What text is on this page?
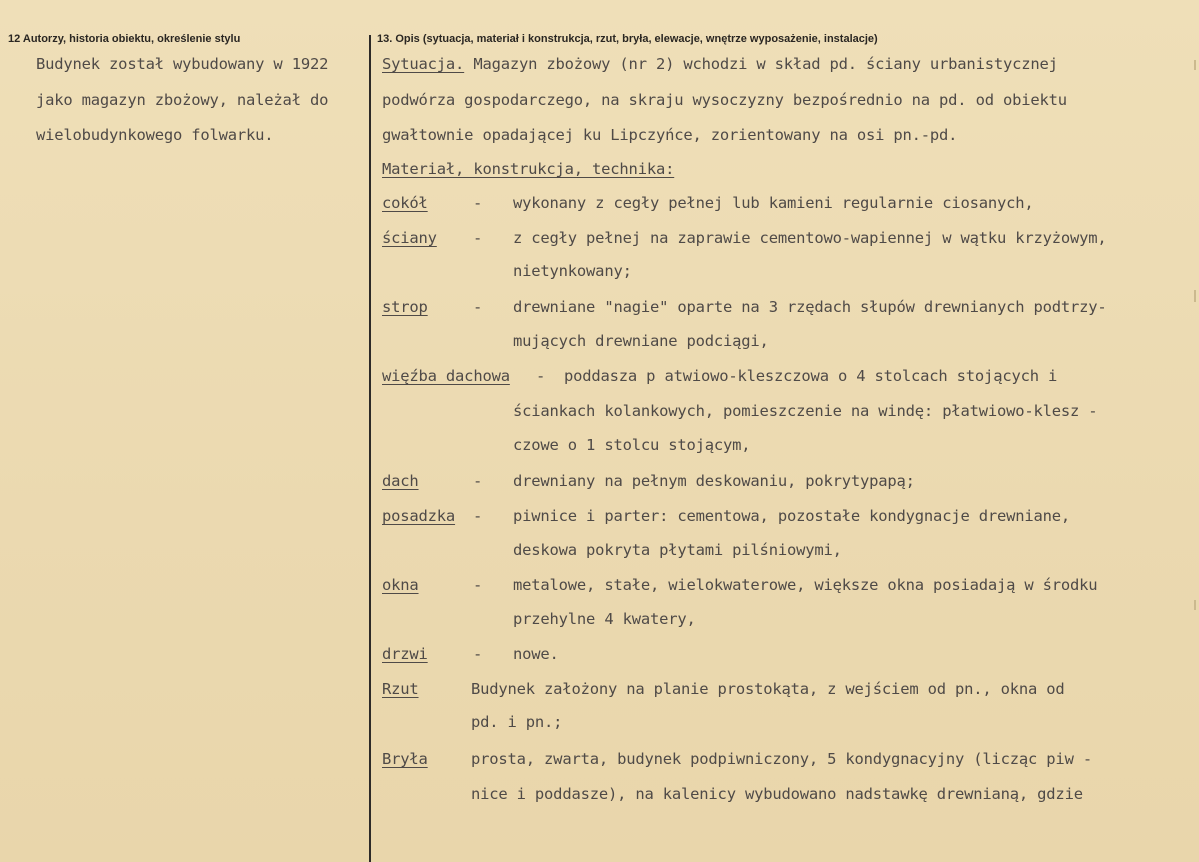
12 Autorzy, historia obiektu, określenie stylu	13. Opis (sytuacja, materiał i konstrukcja, rzut, bryła, elewacje, wnętrze wyposażenie, instalacje)
Budynek został wybudowany w 1922
jako magazyn zbożowy, należał do
wielobudynkowego folwarku.
Sytuacja. Magazyn zbożowy (nr 2) wchodzi w skład pd. ściany urbanistycznej
podwórza gospodarczego, na skraju wysoczyzny bezpośrednio na pd. od obiektu
gwałtownie opadającej ku Lipczyńce, zorientowany na osi pn.-pd.
Materiał, konstrukcja, technika:
cokół	- wykonany z cegły pełnej lub kamieni regularnie ciosanych,
ściany - z cegły pełnej na zaprawie cementowo-wapiennej w wątku krzyżowym,
nietynkowany;
strop	- drewniane "nagie" oparte na 3 rzędach słupów drewnianych podtrzy-
mujących drewniane podciągi,
więźba dachowa - poddasza p atwiowo-kleszczowa o 4 stolcach stojących i
ściankach kolankowych, pomieszczenie na windę: płatwiowo-klesz -
czowe o 1 stolcu stojącym,
dach	- drewniany na pełnym deskowaniu, pokrytypapą;
posadzka - piwnice i parter: cementowa, pozostałe kondygnacje drewniane,
deskowa pokryta płytami pilśniowymi,
okna	- metalowe, stałe, wielokwaterowe, większe okna posiadają w środku
przehylne 4 kwatery,
drzwi	- nowe.
Rzut	Budynek założony na planie prostokąta, z wejściem od pn., okna od
pd. i pn.;
Bryła	prosta, zwarta, budynek podpiwniczony, 5 kondygnacyjny (licząc piw -
nice i poddasze), na kalenicy wybudowano nadstawkę drewnianą, gdzie
